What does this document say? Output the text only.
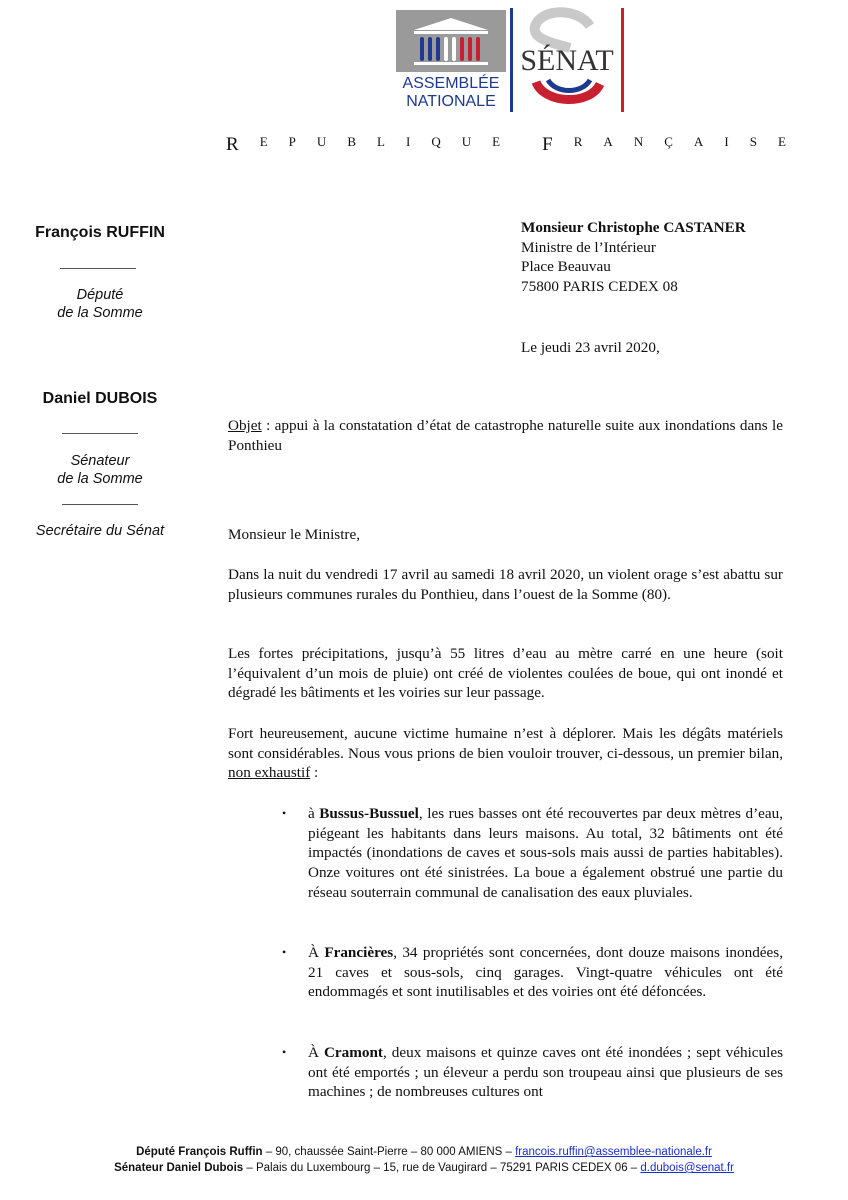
ASSEMBLÉE
NATIONALE
SÉNAT
R E P U B L I Q U E F R A N Ç A I S E
François RUFFIN
Député
de la Somme
Daniel DUBOIS
Sénateur
de la Somme
Secrétaire du Sénat
Monsieur Christophe CASTANER
Ministre de l’Intérieur
Place Beauvau
75800 PARIS CEDEX 08
Le jeudi 23 avril 2020,
Objet : appui à la constatation d’état de catastrophe naturelle suite aux inondations dans le Ponthieu
Monsieur le Ministre,
Dans la nuit du vendredi 17 avril au samedi 18 avril 2020, un violent orage s’est abattu sur plusieurs communes rurales du Ponthieu, dans l’ouest de la Somme (80).
Les fortes précipitations, jusqu’à 55 litres d’eau au mètre carré en une heure (soit l’équivalent d’un mois de pluie) ont créé de violentes coulées de boue, qui ont inondé et dégradé les bâtiments et les voiries sur leur passage.
Fort heureusement, aucune victime humaine n’est à déplorer. Mais les dégâts matériels sont considérables. Nous vous prions de bien vouloir trouver, ci-dessous, un premier bilan, non exhaustif :
• à Bussus-Bussuel, les rues basses ont été recouvertes par deux mètres d’eau, piégeant les habitants dans leurs maisons. Au total, 32 bâtiments ont été impactés (inondations de caves et sous-sols mais aussi de parties habitables). Onze voitures ont été sinistrées. La boue a également obstrué une partie du réseau souterrain communal de canalisation des eaux pluviales.
• À Francières, 34 propriétés sont concernées, dont douze maisons inondées, 21 caves et sous-sols, cinq garages. Vingt-quatre véhicules ont été endommagés et sont inutilisables et des voiries ont été défoncées.
• À Cramont, deux maisons et quinze caves ont été inondées ; sept véhicules ont été emportés ; un éleveur a perdu son troupeau ainsi que plusieurs de ses machines ; de nombreuses cultures ont
Député François Ruffin – 90, chaussée Saint-Pierre – 80 000 AMIENS – francois.ruffin@assemblee-nationale.fr
Sénateur Daniel Dubois – Palais du Luxembourg – 15, rue de Vaugirard – 75291 PARIS CEDEX 06 – d.dubois@senat.fr
